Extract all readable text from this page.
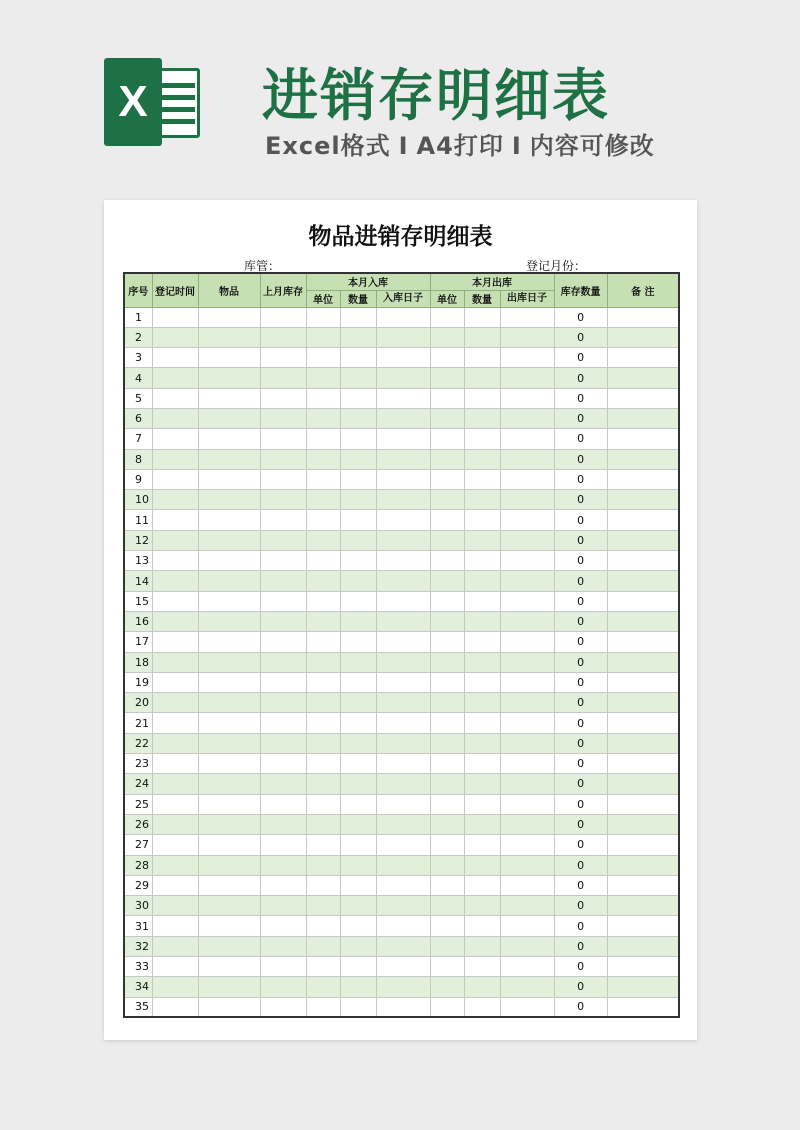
X 进销存明细表
Excel格式 I A4打印 I 内容可修改
物品进销存明细表
库管：	登记月份：
序号	登记时间	物品	上月库存	本月入库			本月出库			库存数量	备 注
				单位	数量	入库日子	单位	数量	出库日子		
1										0	
2										0	
3										0	
4										0	
5										0	
6										0	
7										0	
8										0	
9										0	
10										0	
11										0	
12										0	
13										0	
14										0	
15										0	
16										0	
17										0	
18										0	
19										0	
20										0	
21										0	
22										0	
23										0	
24										0	
25										0	
26										0	
27										0	
28										0	
29										0	
30										0	
31										0	
32										0	
33										0	
34										0	
35										0	
